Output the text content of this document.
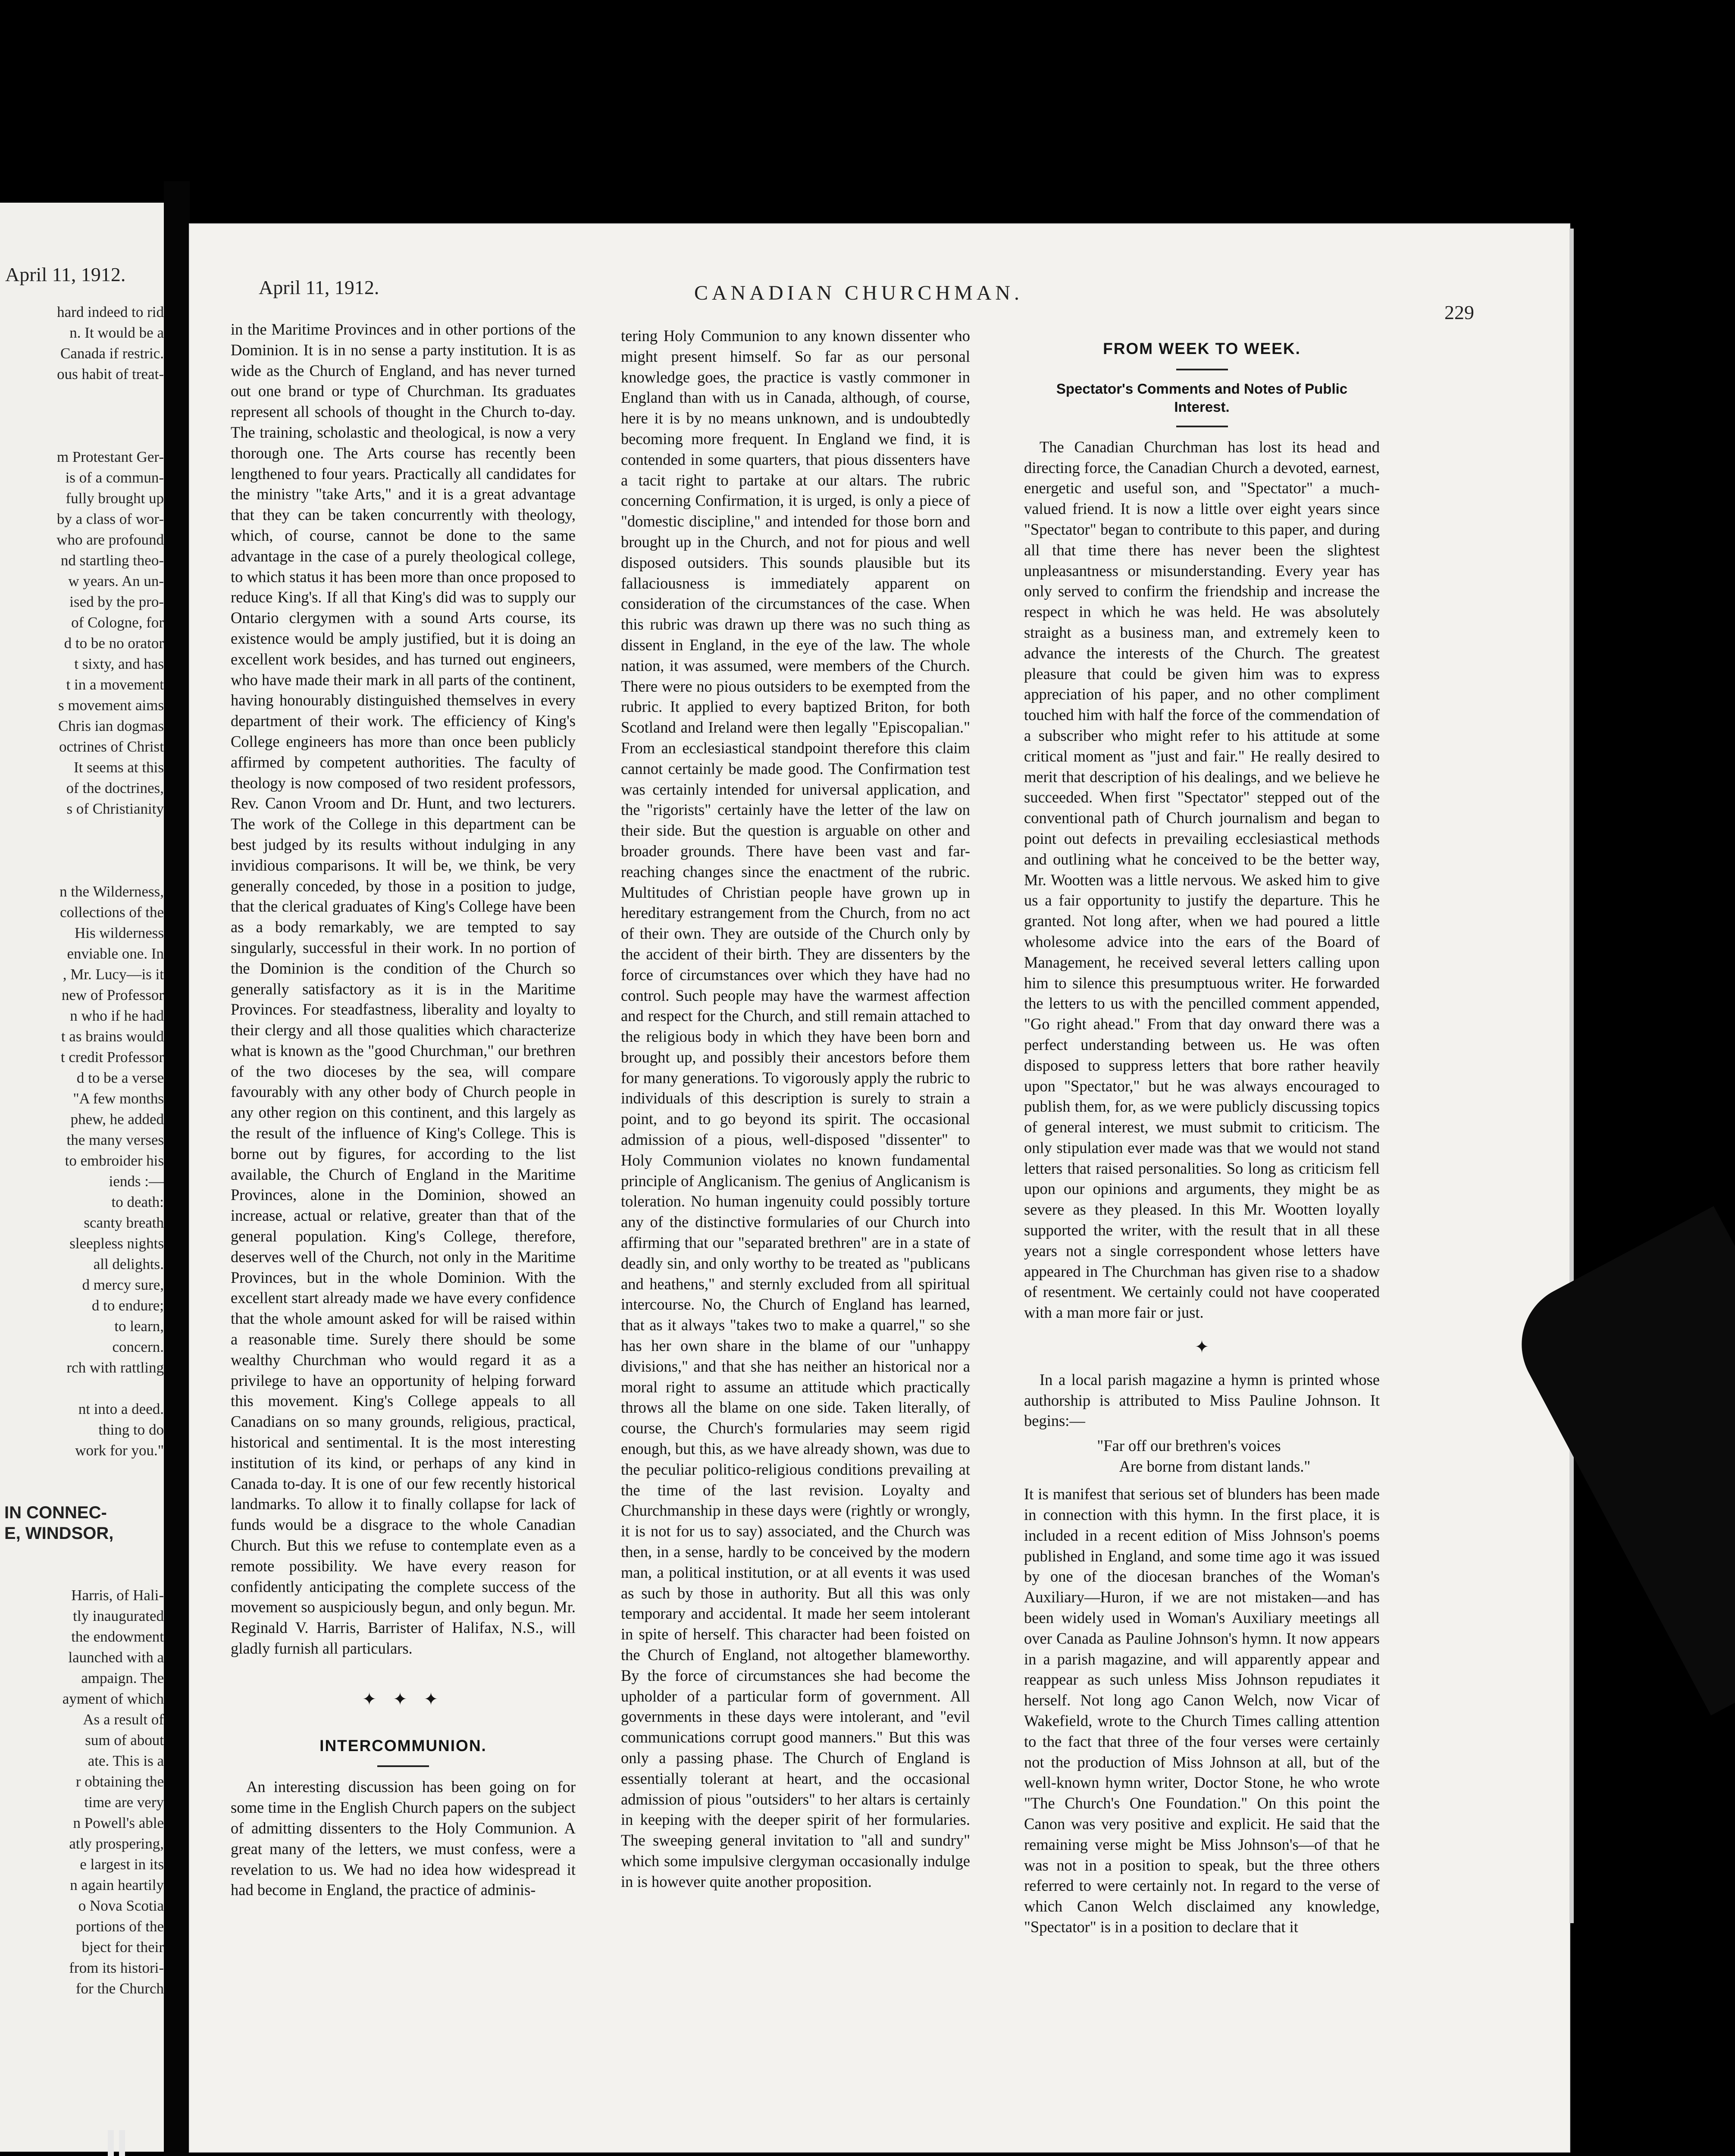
April 11, 1912.
hard indeed to rid
n. It would be a
Canada if restric.
ous habit of treat-
m Protestant Ger-
is of a commun-
fully brought up
by a class of wor-
who are profound
nd startling theo-
w years. An un-
ised by the pro-
of Cologne, for
d to be no orator
t sixty, and has
t in a movement
s movement aims
Chris ian dogmas
octrines of Christ
It seems at this
of the doctrines,
s of Christianity
n the Wilderness,
collections of the
His wilderness
enviable one. In
, Mr. Lucy—is it
new of Professor
n who if he had
t as brains would
t credit Professor
d to be a verse
"A few months
phew, he added
the many verses
to embroider his
iends :—
to death:
scanty breath
sleepless nights
all delights.
d mercy sure,
d to endure;
to learn,
concern.
rch with rattling
nt into a deed.
thing to do
work for you."
IN CONNEC-
E, WINDSOR,
Harris, of Hali-
tly inaugurated
the endowment
launched with a
ampaign. The
ayment of which
As a result of
sum of about
ate. This is a
r obtaining the
time are very
n Powell's able
atly prospering,
e largest in its
n again heartily
o Nova Scotia
portions of the
bject for their
from its histori-
for the Church
April 11, 1912.	CANADIAN CHURCHMAN.
229

in the Maritime Provinces and in other portions of the Dominion. It is in no sense a party institution. It is as wide as the Church of England, and has never turned out one brand or type of Churchman. Its graduates represent all schools of thought in the Church to-day. The training, scholastic and theological, is now a very thorough one. The Arts course has recently been lengthened to four years. Practically all candidates for the ministry "take Arts," and it is a great advantage that they can be taken concurrently with theology, which, of course, cannot be done to the same advantage in the case of a purely theological college, to which status it has been more than once proposed to reduce King's. If all that King's did was to supply our Ontario clergymen with a sound Arts course, its existence would be amply justified, but it is doing an excellent work besides, and has turned out engineers, who have made their mark in all parts of the continent, having honourably distinguished themselves in every department of their work. The efficiency of King's College engineers has more than once been publicly affirmed by competent authorities. The faculty of theology is now composed of two resident professors, Rev. Canon Vroom and Dr. Hunt, and two lecturers. The work of the College in this department can be best judged by its results without indulging in any invidious comparisons. It will be, we think, be very generally conceded, by those in a position to judge, that the clerical graduates of King's College have been as a body remarkably, we are tempted to say singularly, successful in their work. In no portion of the Dominion is the condition of the Church so generally satisfactory as it is in the Maritime Provinces. For steadfastness, liberality and loyalty to their clergy and all those qualities which characterize what is known as the "good Churchman," our brethren of the two dioceses by the sea, will compare favourably with any other body of Church people in any other region on this continent, and this largely as the result of the influence of King's College. This is borne out by figures, for according to the list available, the Church of England in the Maritime Provinces, alone in the Dominion, showed an increase, actual or relative, greater than that of the general population. King's College, therefore, deserves well of the Church, not only in the Maritime Provinces, but in the whole Dominion. With the excellent start already made we have every confidence that the whole amount asked for will be raised within a reasonable time. Surely there should be some wealthy Churchman who would regard it as a privilege to have an opportunity of helping forward this movement. King's College appeals to all Canadians on so many grounds, religious, practical, historical and sentimental. It is the most interesting institution of its kind, or perhaps of any kind in Canada to-day. It is one of our few recently historical landmarks. To allow it to finally collapse for lack of funds would be a disgrace to the whole Canadian Church. But this we refuse to contemplate even as a remote possibility. We have every reason for confidently anticipating the complete success of the movement so auspiciously begun, and only begun. Mr. Reginald V. Harris, Barrister of Halifax, N.S., will gladly furnish all particulars.

✦ ✦ ✦
INTERCOMMUNION.

An interesting discussion has been going on for some time in the English Church papers on the subject of admitting dissenters to the Holy Communion. A great many of the letters, we must confess, were a revelation to us. We had no idea how widespread it had become in England, the practice of adminis-

tering Holy Communion to any known dissenter who might present himself. So far as our personal knowledge goes, the practice is vastly commoner in England than with us in Canada, although, of course, here it is by no means unknown, and is undoubtedly becoming more frequent. In England we find, it is contended in some quarters, that pious dissenters have a tacit right to partake at our altars. The rubric concerning Confirmation, it is urged, is only a piece of "domestic discipline," and intended for those born and brought up in the Church, and not for pious and well disposed outsiders. This sounds plausible but its fallaciousness is immediately apparent on consideration of the circumstances of the case. When this rubric was drawn up there was no such thing as dissent in England, in the eye of the law. The whole nation, it was assumed, were members of the Church. There were no pious outsiders to be exempted from the rubric. It applied to every baptized Briton, for both Scotland and Ireland were then legally "Episcopalian." From an ecclesiastical standpoint therefore this claim cannot certainly be made good. The Confirmation test was certainly intended for universal application, and the "rigorists" certainly have the letter of the law on their side. But the question is arguable on other and broader grounds. There have been vast and far-reaching changes since the enactment of the rubric. Multitudes of Christian people have grown up in hereditary estrangement from the Church, from no act of their own. They are outside of the Church only by the accident of their birth. They are dissenters by the force of circumstances over which they have had no control. Such people may have the warmest affection and respect for the Church, and still remain attached to the religious body in which they have been born and brought up, and possibly their ancestors before them for many generations. To vigorously apply the rubric to individuals of this description is surely to strain a point, and to go beyond its spirit. The occasional admission of a pious, well-disposed "dissenter" to Holy Communion violates no known fundamental principle of Anglicanism. The genius of Anglicanism is toleration. No human ingenuity could possibly torture any of the distinctive formularies of our Church into affirming that our "separated brethren" are in a state of deadly sin, and only worthy to be treated as "publicans and heathens," and sternly excluded from all spiritual intercourse. No, the Church of England has learned, that as it always "takes two to make a quarrel," so she has her own share in the blame of our "unhappy divisions," and that she has neither an historical nor a moral right to assume an attitude which practically throws all the blame on one side. Taken literally, of course, the Church's formularies may seem rigid enough, but this, as we have already shown, was due to the peculiar politico-religious conditions prevailing at the time of the last revision. Loyalty and Churchmanship in these days were (rightly or wrongly, it is not for us to say) associated, and the Church was then, in a sense, hardly to be conceived by the modern man, a political institution, or at all events it was used as such by those in authority. But all this was only temporary and accidental. It made her seem intolerant in spite of herself. This character had been foisted on the Church of England, not altogether blameworthy. By the force of circumstances she had become the upholder of a particular form of government. All governments in these days were intolerant, and "evil communications corrupt good manners." But this was only a passing phase. The Church of England is essentially tolerant at heart, and the occasional admission of pious "outsiders" to her altars is certainly in keeping with the deeper spirit of her formularies. The sweeping general invitation to "all and sundry" which some impulsive clergyman occasionally indulge in is however quite another proposition.

FROM WEEK TO WEEK.
Spectator's Comments and Notes of Public Interest.

The Canadian Churchman has lost its head and directing force, the Canadian Church a devoted, earnest, energetic and useful son, and "Spectator" a much-valued friend. It is now a little over eight years since "Spectator" began to contribute to this paper, and during all that time there has never been the slightest unpleasantness or misunderstanding. Every year has only served to confirm the friendship and increase the respect in which he was held. He was absolutely straight as a business man, and extremely keen to advance the interests of the Church. The greatest pleasure that could be given him was to express appreciation of his paper, and no other compliment touched him with half the force of the commendation of a subscriber who might refer to his attitude at some critical moment as "just and fair." He really desired to merit that description of his dealings, and we believe he succeeded. When first "Spectator" stepped out of the conventional path of Church journalism and began to point out defects in prevailing ecclesiastical methods and outlining what he conceived to be the better way, Mr. Wootten was a little nervous. We asked him to give us a fair opportunity to justify the departure. This he granted. Not long after, when we had poured a little wholesome advice into the ears of the Board of Management, he received several letters calling upon him to silence this presumptuous writer. He forwarded the letters to us with the pencilled comment appended, "Go right ahead." From that day onward there was a perfect understanding between us. He was often disposed to suppress letters that bore rather heavily upon "Spectator," but he was always encouraged to publish them, for, as we were publicly discussing topics of general interest, we must submit to criticism. The only stipulation ever made was that we would not stand letters that raised personalities. So long as criticism fell upon our opinions and arguments, they might be as severe as they pleased. In this Mr. Wootten loyally supported the writer, with the result that in all these years not a single correspondent whose letters have appeared in The Churchman has given rise to a shadow of resentment. We certainly could not have cooperated with a man more fair or just.

✦

In a local parish magazine a hymn is printed whose authorship is attributed to Miss Pauline Johnson. It begins:—

"Far off our brethren's voices
Are borne from distant lands."

It is manifest that serious set of blunders has been made in connection with this hymn. In the first place, it is included in a recent edition of Miss Johnson's poems published in England, and some time ago it was issued by one of the diocesan branches of the Woman's Auxiliary—Huron, if we are not mistaken—and has been widely used in Woman's Auxiliary meetings all over Canada as Pauline Johnson's hymn. It now appears in a parish magazine, and will apparently appear and reappear as such unless Miss Johnson repudiates it herself. Not long ago Canon Welch, now Vicar of Wakefield, wrote to the Church Times calling attention to the fact that three of the four verses were certainly not the production of Miss Johnson at all, but of the well-known hymn writer, Doctor Stone, he who wrote "The Church's One Foundation." On this point the Canon was very positive and explicit. He said that the remaining verse might be Miss Johnson's—of that he was not in a position to speak, but the three others referred to were certainly not. In regard to the verse of which Canon Welch disclaimed any knowledge, "Spectator" is in a position to declare that it
